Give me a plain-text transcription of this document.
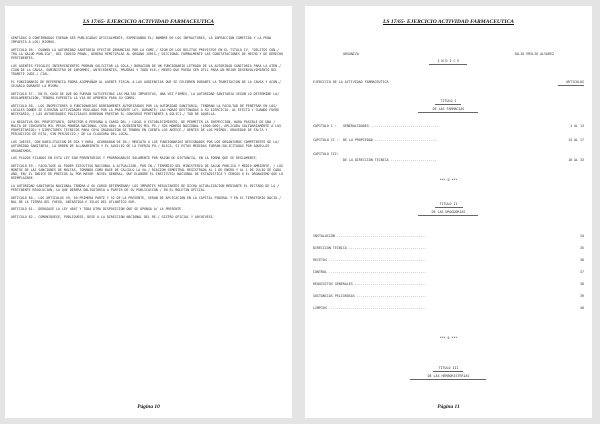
LS 17/65- EJERCICIO ACTIVIDAD FARMACEUTICA

SENTIDAS O CONFIRMADAS FUERAN SER PUBLICADAS OFICIALMENTE, EXPRESANDO EL/ NOMBRE DE LOS INFRACTORES, LA INFRACCION COMETIDA Y LA PENA IMPUESTA A LOS/ MISMOS.

ARTICULO 56.- CUANDO LA AUTORIDAD SANITARIA EFECTUE DENUNCIAS POR LA COMI-/ SION DE LOS DELITOS PREVISTOS EN EL TITULO IV, "DELITOS CON-/ TRA LA SALUD PUBLICA", DEL CODIGO PENAL, DEBERA REMITIRLAS AL ORGANO JURIS-/ DICCIONAL FORMALMENTE LAS CONSTATACIONES DE HECHO Y DE DERECHO PERTINENTES.

LOS AGENTES FISCALES INTERVINIENTES PODRAN SOLICITAR LA COLA-/ BORACION DE UN FUNCIONARIO LETRADO DE LA AUTORIDAD SANITARIA PARA LA ATEN-/ CION DE LA CAUSA, SUMINISTRO DE INFORMES, ANTECEDENTES, PRUEBAS Y TODO ELE-/ MENTO QUE PUEDA SER UTIL PARA UN MEJOR DESENVOLVIMIENTO DEL TRAMITE JUDI-/ CIAL.

EL FUNCIONARIO DE REFERENCIA PODRA ACOMPAÑAR AL AGENTE FISCAL A LAS AUDIENCIAS QUE SE CELEBREN DURANTE LA TRAMITACION DE LA CAUSA Y ACON-/ SEJARLO DURANTE LA MISMA.

ARTICULO 57.- EN EL CASO DE QUE NO FUERAN SATISFECHAS LAS MULTAS IMPUESTAS, UNA VEZ FIRMES, LA AUTORIDAD SANITARIA SEGUN LO DETERMINE LA/ REGLAMENTACION, TENDRA EXPEDITA LA VIA DE APREMIO PARA SU COBRO.

ARTICULO 58.- LOS INSPECTORES O FUNCIONARIOS DEBIDAMENTE AUTORIZADOS POR LA AUTORIDAD SANITARIA, TENDRAN LA FACULTAD DE PENETRAR EN LOS/ LOCALES DONDE SE EJERZAN ACTIVIDADES REGLADAS POR LA PRESENTE LEY, DURANTE/ LAS HORAS DESTINADAS A SU EJERCICIO. AL EFECTO Y CUANDO FUERE NECESARIO, / LAS AUTORIDADES POLICIALES DEBERAN PRESTAR EL CONCURSO PERTINENTE A SOLICI-/ TUD DE AQUELLA.

LA NEGATIVA DEL PROPIETARIO, DIRECTOR O PERSONA A CARGO DEL / LOCAL O ESTABLECIMIENTO, DE PERMITIR LA INSPECCION, HARA PASIBLE DE UNA / MULTA DE CINCUENTA MIL PESOS MONEDA NACIONAL ($50.000) A QUINIENTOS MIL PE-/ SOS MONEDA NACIONAL ($500.000), APLICADA SOLIDARIAMENTE A LOS PROPIETARIOS/ Y DIRECTORES TECNICOS PARA CUYA GRADUACION SE TENDRA EN CUENTA LOS ANTECE-/ DENTES DE LOS MISMOS, GRAVEDAD DE FALTA Y PERJUICIOS DE ESTA, SIN PERJUICIO / DE LA CLAUSURA DEL LOCAL.

LOS JUECES, CON HABILITACION DE DIA Y HORA, ACORDARAN DE IN-/ MEDIATO A LOS FUNCIONARIOS DESIGNADOS POR LOS ORGANISMOS COMPETENTES DE LA/ AUTORIDAD SANITARIA, LA ORDEN DE ALLANAMIENTO Y EL AUXILIO DE LA FUERZA PU-/ BLICA, SI ESTAS MEDIDAS FUERAN SOLICITADAS POR AQUELLOS ORGANISMOS.

LOS PLAZOS FIJADOS EN ESTA LEY SON PERENTORIOS Y PRORROGABLES SOLAMENTE POR RAZON DE DISTANCIA, EN LA FORMA QUE SE REGLAMENTE.

ARTICULO 59.- FACULTASE AL PODER EJECUTIVO NACIONAL A ACTUALIZAR, POR IN-/ TERMEDIO DEL MINISTERIO DE SALUD PUBLICA Y MEDIO AMBIENTE, / LOS MONTOS DE LAS SANCIONES DE MULTAS, TOMANDO COMO BASE DE CALCULO LA VA-/ RIACION SEMESTRAL REGISTRADA AL 1 DE ENERO Y AL 1 DE JULIO DE CADA AÑO, EN/ EL INDICE DE PRECIOS AL POR MAYOR -NIVEL GENERAL- QUE ELABORE EL INSTITUTO/ NACIONAL DE ESTADISTICA Y CENSOS U EL ORGANISMO QUE LO REEMPLAZARE.

LA AUTORIDAD SANITARIA NACIONAL TENDRA A SU CARGO DETERMINAR/ LOS IMPORTES RESULTANTES DE DICHA ACTUALIZACION MEDIANTE EL DICTADO DE LA / PERTINENTE RESOLUCION, LA QUE DEBERA OBLIGATORIA A PARTIR DE SU PUBLICACION / EN EL BOLETIN OFICIAL.

ARTICULO 60.- LOS ARTICULOS 49, 50 PRIMERA PARTE Y 52 DE LA PRESENTE, SERAN DE APLICACION EN LA CAPITAL FEDERAL Y EN EL TERRITORIO NACIO-/ NAL DE LA TIERRA DEL FUEGO, ANTARTIDA E ISLAS DEL ATLANTICO SUR.

ARTICULO 61.- DEROGASE LA LEY 4687 Y TODA OTRA DISPOSICION QUE SE OPONGA A/ LA PRESENTE.

ARTICULO 62.- COMUNIQUESE, PUBLIQUESE, DESE A LA DIRECCION NACIONAL DEL RE-/ GISTRO OFICIAL Y ARCHIVESE.

Página 10
LS 17/65- EJERCICIO ACTIVIDAD FARMACEUTICA
ORGANIZA	JULIO EMILIO ALVAREZ
I N D I C E
EJERCICIO DE LA ACTIVIDAD FARMACEUTICA	ARTICULOS
TITULO I
DE LAS FARMACIAS
CAPITULO I : GENERALIDADES ..................................	1 AL 13
CAPITULO II : DE LA PROPIEDAD ...............................	14 AL 17
CAPITULO III:
DE LA DIRECCION TECNICA .......................	18 AL 33
*** 0 ***
TITULO II
DE LAS DROGUERIAS
INSTALACION .............................................	34
DIRECCION TECNICA .......................................	35
RECETAS .................................................	36
CONTROL .................................................	37
REQUISITOS GENERALES ....................................	38
SUSTANCIAS PELIGROSAS ...................................	39
LIMPIOS .................................................	40
*** 0 ***
TITULO III
DE LAS HERBORISTERIAS
Página 11
